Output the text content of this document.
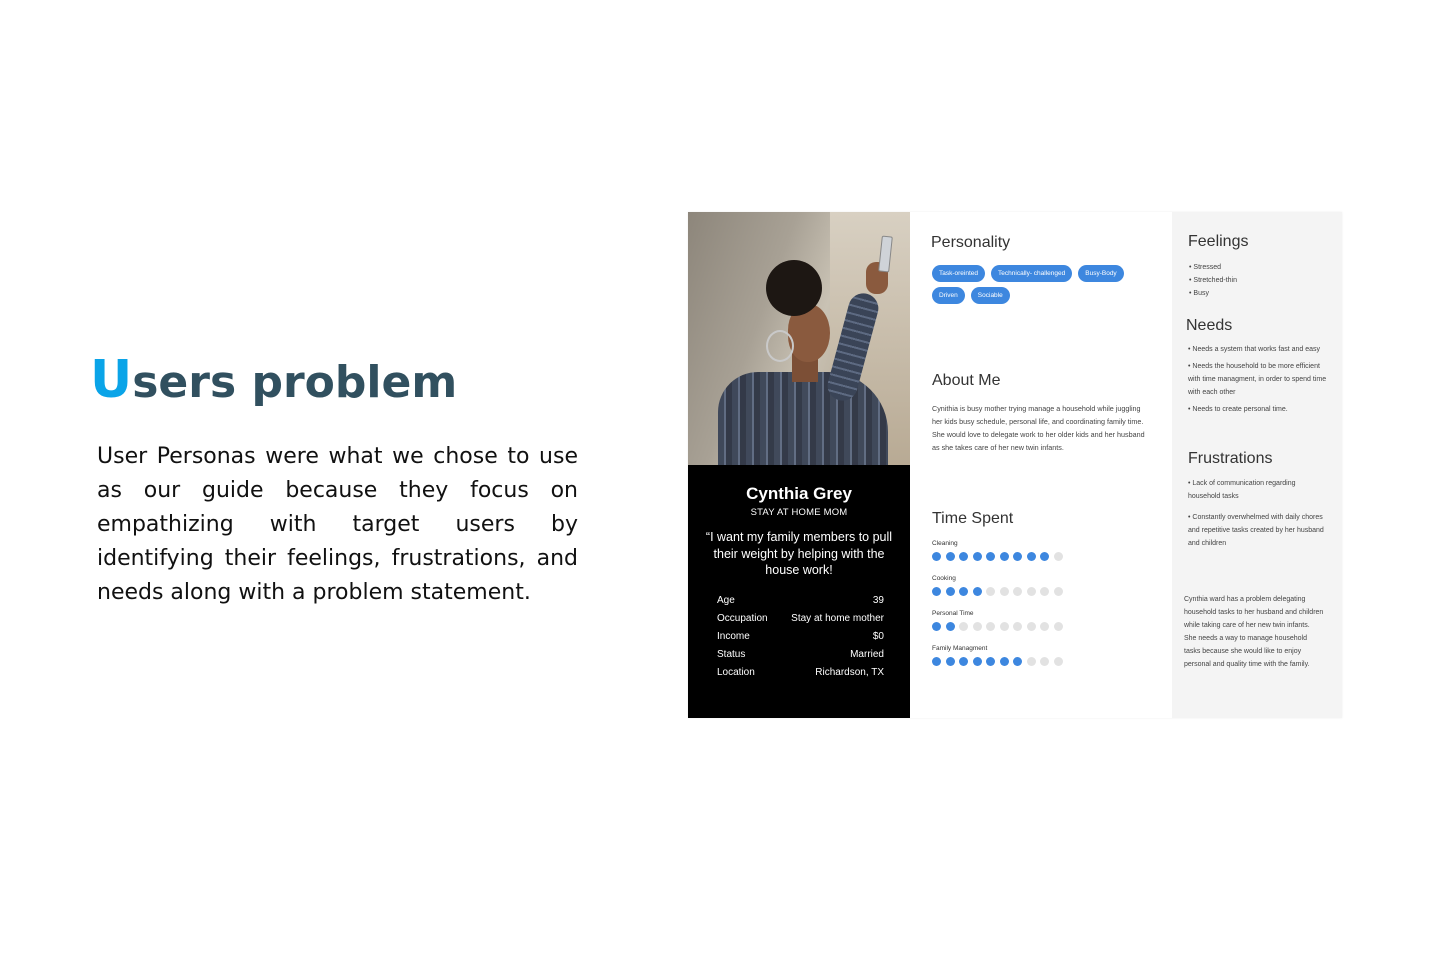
Users problem

User Personas were what we chose to use as our guide because they focus on empathizing with target users by identifying their feelings, frustrations, and needs along with a problem statement.

Cynthia Grey
STAY AT HOME MOM
“I want my family members to pull their weight by helping with the house work!
Age	39
Occupation Stay at home mother
Income	$0
Status	Married
Location	Richardson, TX
Personality
Task-oreinted	Technically- challenged	Busy-Body
Driven	Sociable
About Me

Cynithia is busy mother trying manage a household while juggling her kids busy schedule, personal life, and coordinating family time. She would love to delegate work to her older kids and her husband as she takes care of her new twin infants.

Time Spent
Cleaning
Cooking
Personal Time
Family Managment
Feelings
• Stressed
• Stretched-thin
• Busy
Needs
• Needs a system that works fast and easy
• Needs the household to be more efficient with time managment, in order to spend time with each other
• Needs to create personal time.
Frustrations
• Lack of communication regarding household tasks
• Constantly overwhelmed with daily chores and repetitive tasks created by her husband and children

Cynthia ward has a problem delegating household tasks to her husband and children while taking care of her new twin infants. She needs a way to manage household tasks because she would like to enjoy personal and quality time with the family.
